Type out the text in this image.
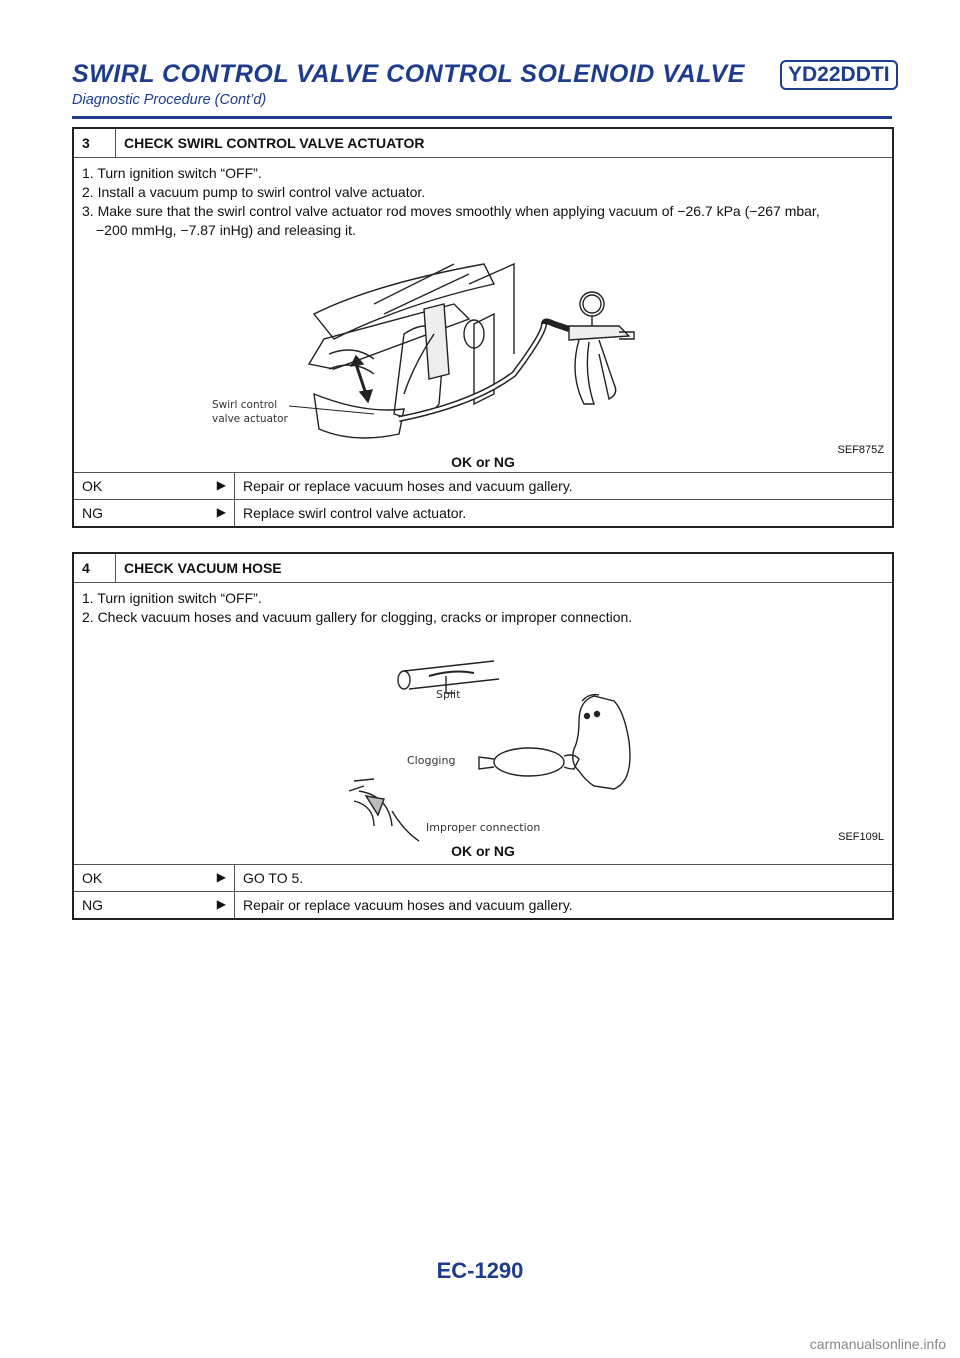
SWIRL CONTROL VALVE CONTROL SOLENOID VALVE	YD22DDTI
Diagnostic Procedure (Cont’d)
3	CHECK SWIRL CONTROL VALVE ACTUATOR
1. Turn ignition switch “OFF”.
2. Install a vacuum pump to swirl control valve actuator.
3. Make sure that the swirl control valve actuator rod moves smoothly when applying vacuum of −26.7 kPa (−267 mbar,
−200 mmHg, −7.87 inHg) and releasing it.
Swirl control
valve actuator
SEF875Z
OK or NG
OK	▶	Repair or replace vacuum hoses and vacuum gallery.
NG	▶	Replace swirl control valve actuator.
4	CHECK VACUUM HOSE
1. Turn ignition switch “OFF”.
2. Check vacuum hoses and vacuum gallery for clogging, cracks or improper connection.
Split
Clogging
Improper connection
SEF109L
OK or NG
OK	▶	GO TO 5.
NG	▶	Repair or replace vacuum hoses and vacuum gallery.
EC-1290
carmanualsonline.info
